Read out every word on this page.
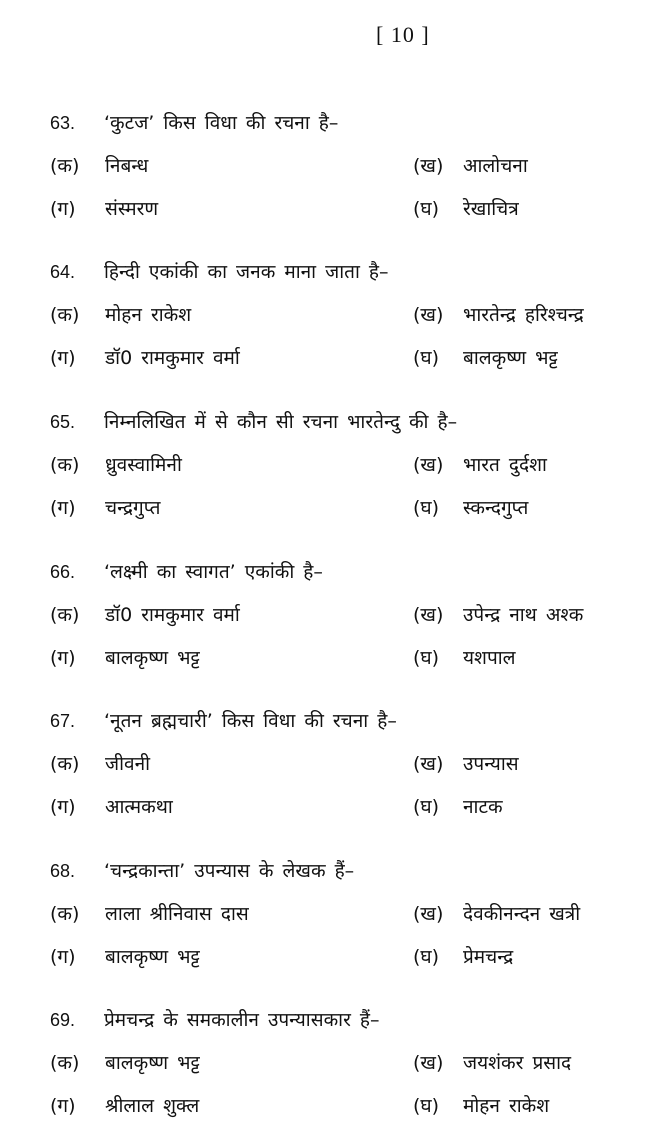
[ 10 ]
63. ‘कुटज’ किस विधा की रचना है–
(क) निबन्ध	(ख) आलोचना
(ग) संस्मरण	(घ) रेखाचित्र
64. हिन्दी एकांकी का जनक माना जाता है–
(क) मोहन राकेश	(ख) भारतेन्द्र हरिश्चन्द्र
(ग) डॉ0 रामकुमार वर्मा	(घ) बालकृष्ण भट्ट
65. निम्नलिखित में से कौन सी रचना भारतेन्दु की है–
(क) ध्रुवस्वामिनी	(ख) भारत दुर्दशा
(ग) चन्द्रगुप्त	(घ) स्कन्दगुप्त
66. ‘लक्ष्मी का स्वागत’ एकांकी है–
(क) डॉ0 रामकुमार वर्मा	(ख) उपेन्द्र नाथ अश्क
(ग) बालकृष्ण भट्ट	(घ) यशपाल
67. ‘नूतन ब्रह्मचारी’ किस विधा की रचना है–
(क) जीवनी	(ख) उपन्यास
(ग) आत्मकथा	(घ) नाटक
68. ‘चन्द्रकान्ता’ उपन्यास के लेखक हैं–
(क) लाला श्रीनिवास दास	(ख) देवकीनन्दन खत्री
(ग) बालकृष्ण भट्ट	(घ) प्रेमचन्द्र
69. प्रेमचन्द्र के समकालीन उपन्यासकार हैं–
(क) बालकृष्ण भट्ट	(ख) जयशंकर प्रसाद
(ग) श्रीलाल शुक्ल	(घ) मोहन राकेश
